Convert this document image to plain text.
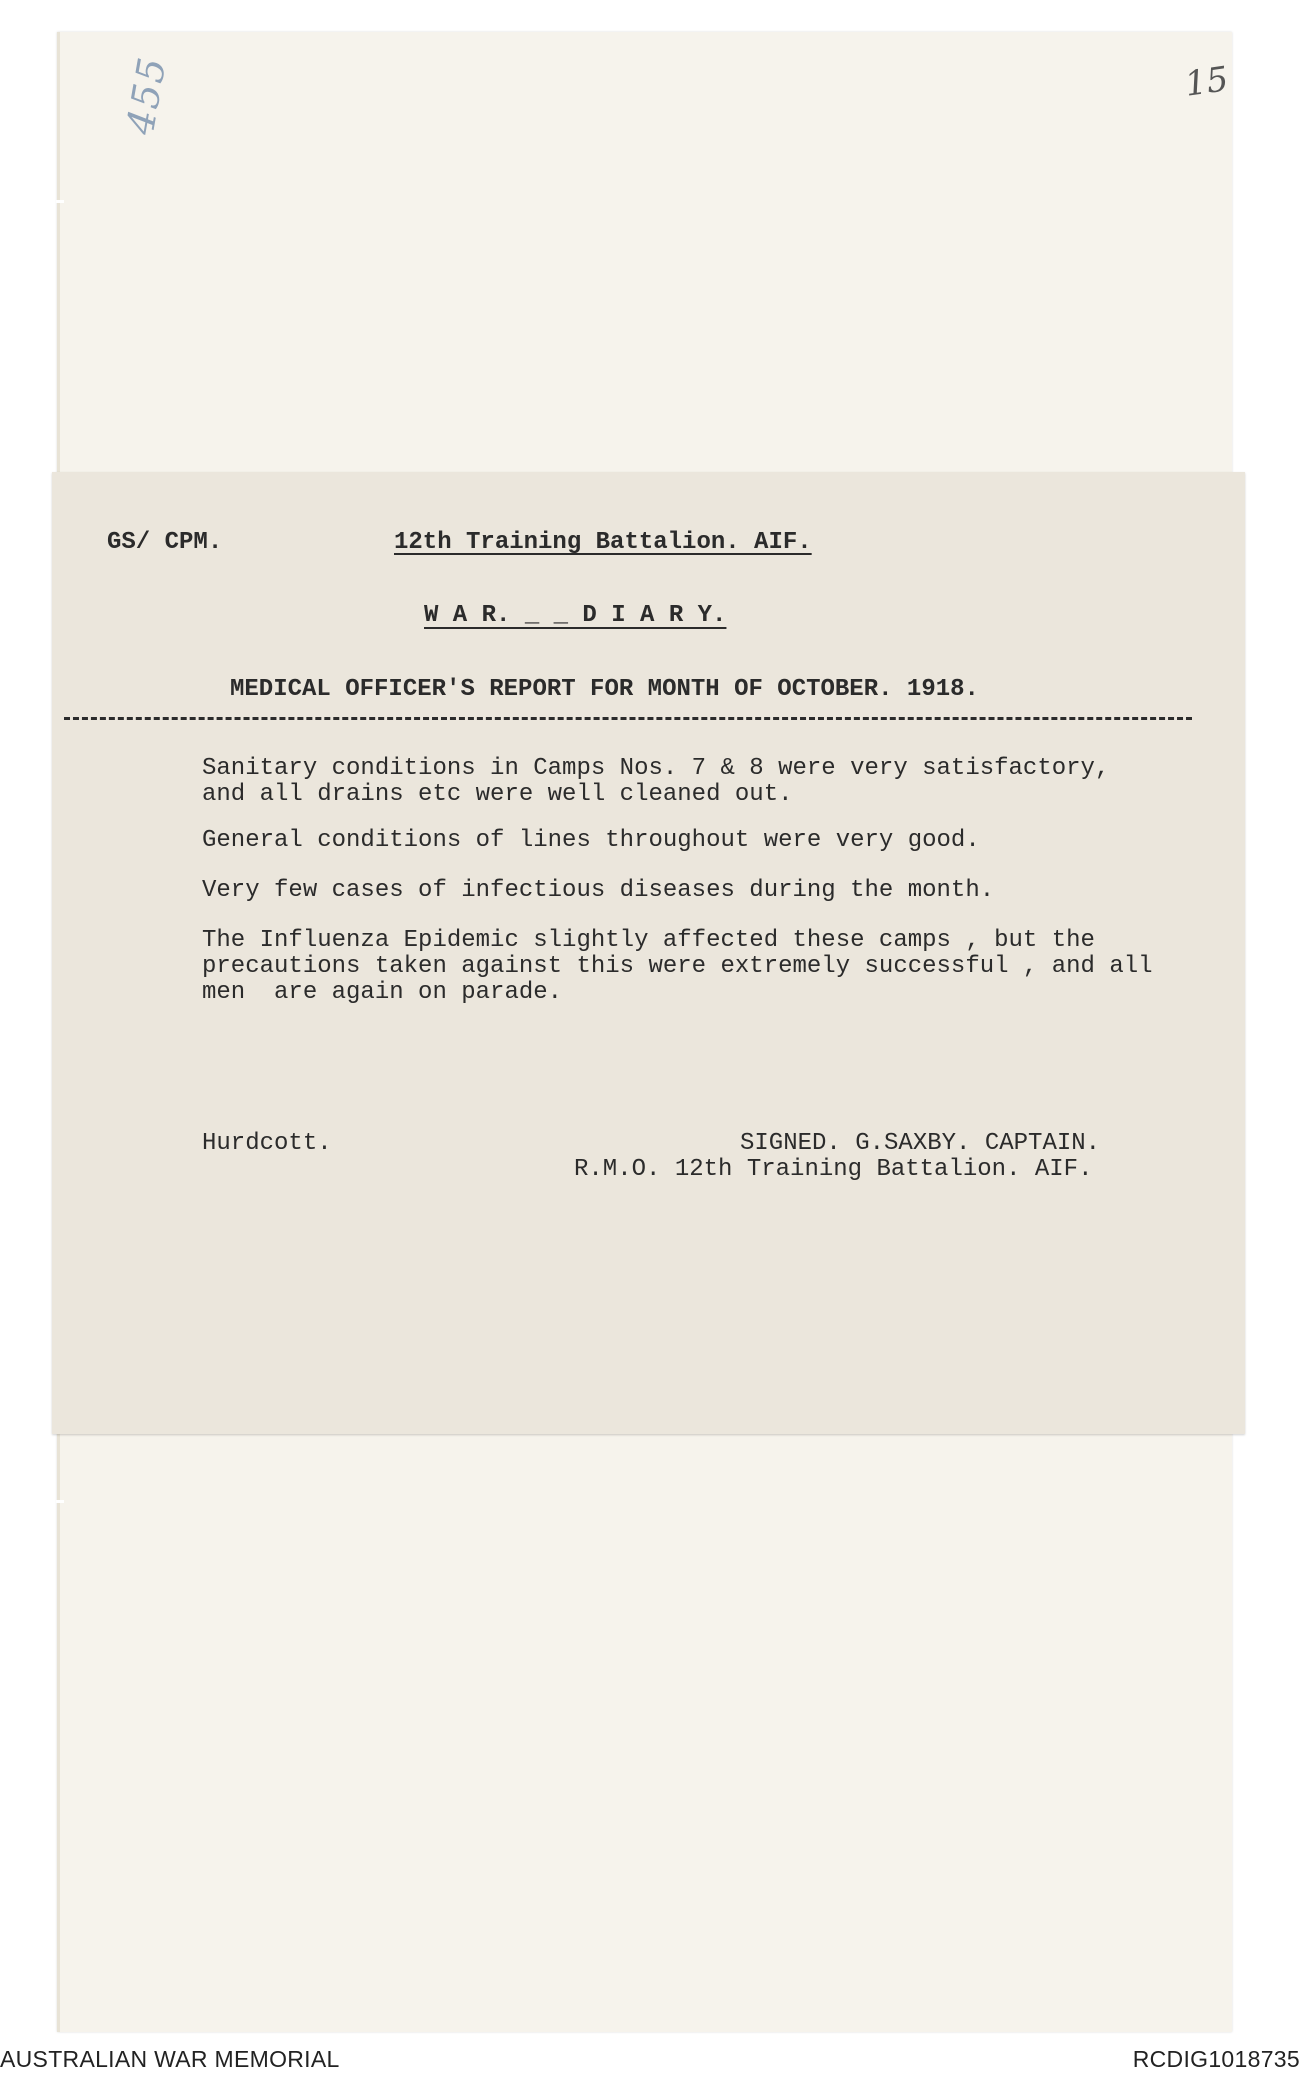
15
455
GS/ CPM.	12th Training Battalion. AIF.
W A R. _ _ D I A R Y.
MEDICAL OFFICER'S REPORT FOR MONTH OF OCTOBER. 1918.
Sanitary conditions in Camps Nos. 7 & 8 were very satisfactory,
and all drains etc were well cleaned out.
General conditions of lines throughout were very good.
Very few cases of infectious diseases during the month.
The Influenza Epidemic slightly affected these camps , but the
precautions taken against this were extremely successful , and all
men  are again on parade.
Hurdcott.	SIGNED. G.SAXBY. CAPTAIN.
R.M.O. 12th Training Battalion. AIF.
AUSTRALIAN WAR MEMORIAL	RCDIG1018735
